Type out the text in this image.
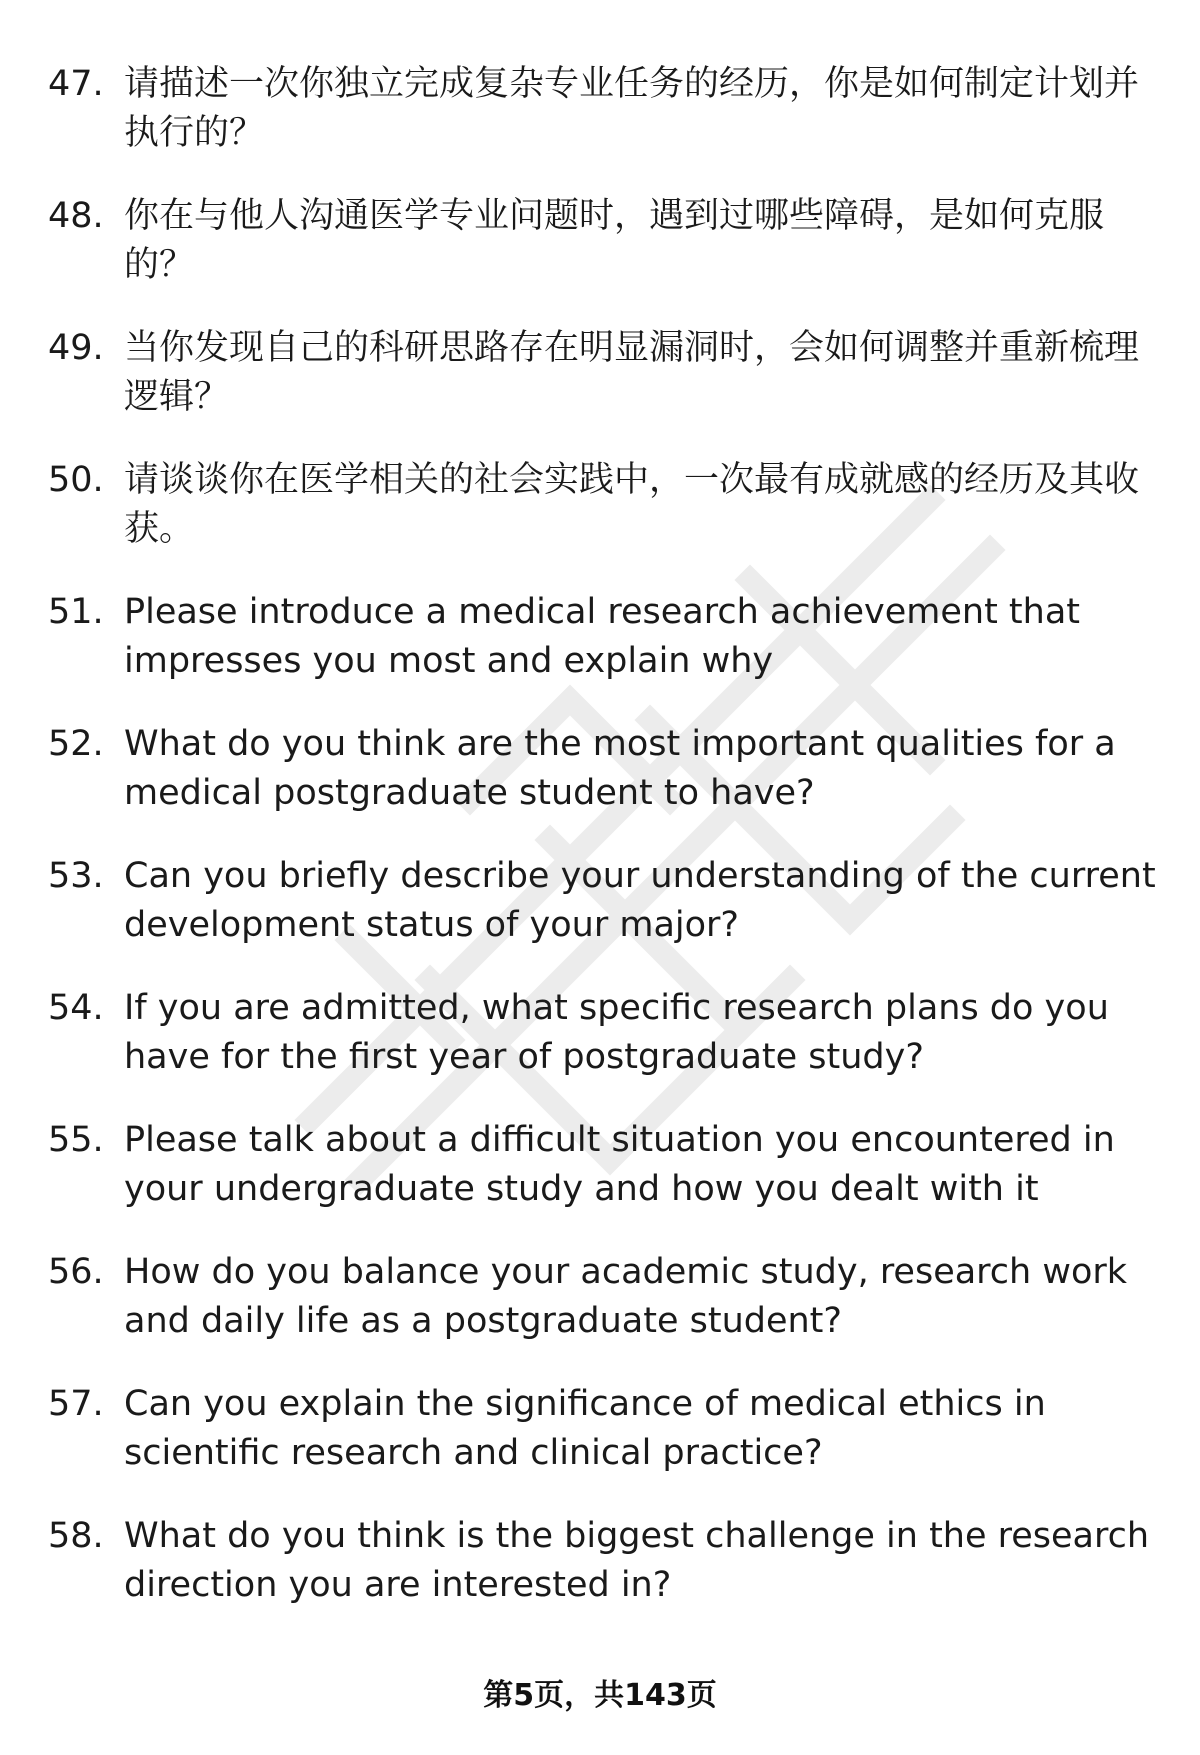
47. 请描述一次你独立完成复杂专业任务的经历，你是如何制定计划并执行的？
48. 你在与他人沟通医学专业问题时，遇到过哪些障碍，是如何克服的？
49. 当你发现自己的科研思路存在明显漏洞时，会如何调整并重新梳理逻辑？
50. 请谈谈你在医学相关的社会实践中，一次最有成就感的经历及其收获。
51. Please introduce a medical research achievement that impresses you most and explain why
52. What do you think are the most important qualities for a medical postgraduate student to have?
53. Can you briefly describe your understanding of the current development status of your major?
54. If you are admitted, what specific research plans do you have for the first year of postgraduate study?
55. Please talk about a difficult situation you encountered in your undergraduate study and how you dealt with it
56. How do you balance your academic study, research work and daily life as a postgraduate student?
57. Can you explain the significance of medical ethics in scientific research and clinical practice?
58. What do you think is the biggest challenge in the research direction you are interested in?
第5页，共143页
